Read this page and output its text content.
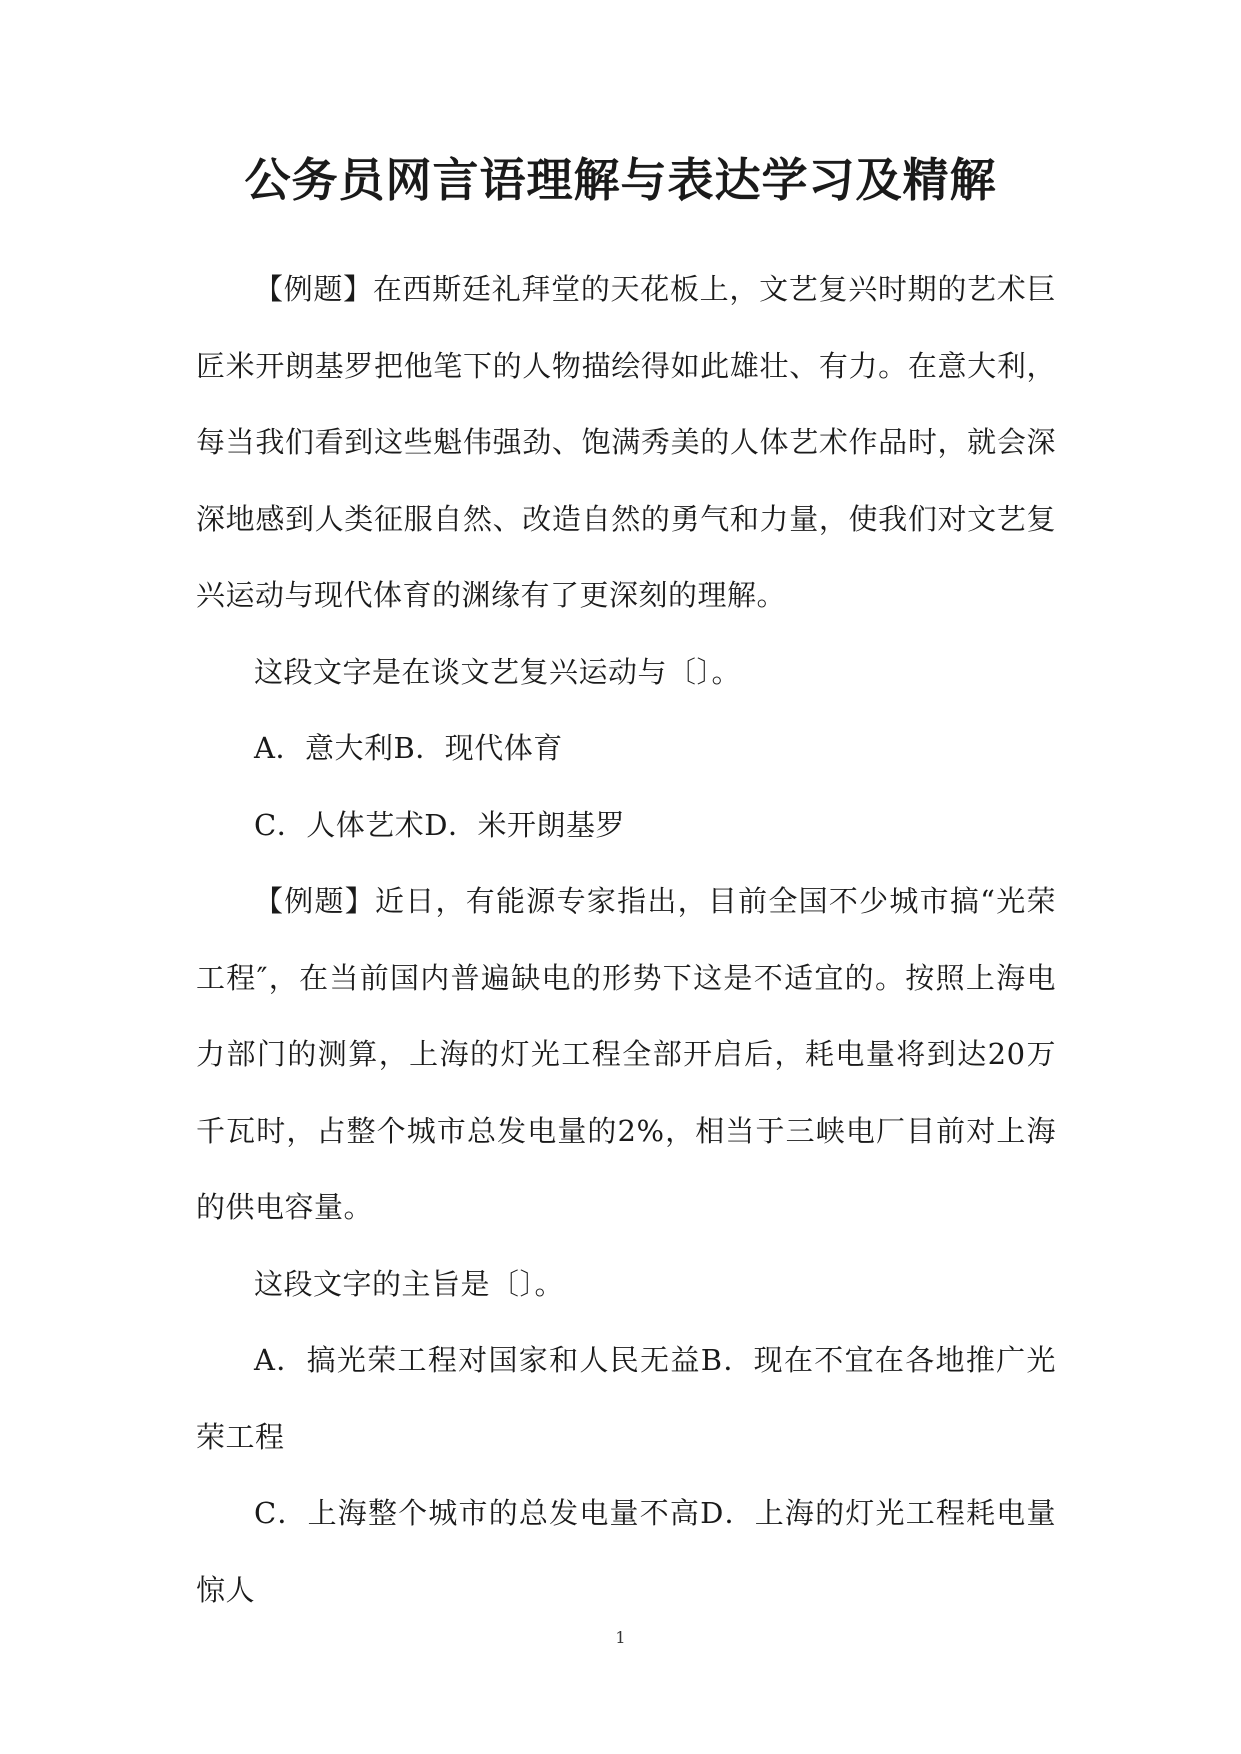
公务员网言语理解与表达学习及精解

【例题】在西斯廷礼拜堂的天花板上，文艺复兴时期的艺术巨匠米开朗基罗把他笔下的人物描绘得如此雄壮、有力。在意大利，每当我们看到这些魁伟强劲、饱满秀美的人体艺术作品时，就会深深地感到人类征服自然、改造自然的勇气和力量，使我们对文艺复兴运动与现代体育的渊缘有了更深刻的理解。

这段文字是在谈文艺复兴运动与〔〕。

A．意大利B．现代体育

C．人体艺术D．米开朗基罗

【例题】近日，有能源专家指出，目前全国不少城市搞“光荣工程″，在当前国内普遍缺电的形势下这是不适宜的。按照上海电力部门的测算，上海的灯光工程全部开启后，耗电量将到达20万千瓦时，占整个城市总发电量的2%，相当于三峡电厂目前对上海的供电容量。

这段文字的主旨是〔〕。

A．搞光荣工程对国家和人民无益B．现在不宜在各地推广光荣工程

C．上海整个城市的总发电量不高D．上海的灯光工程耗电量惊人

1
